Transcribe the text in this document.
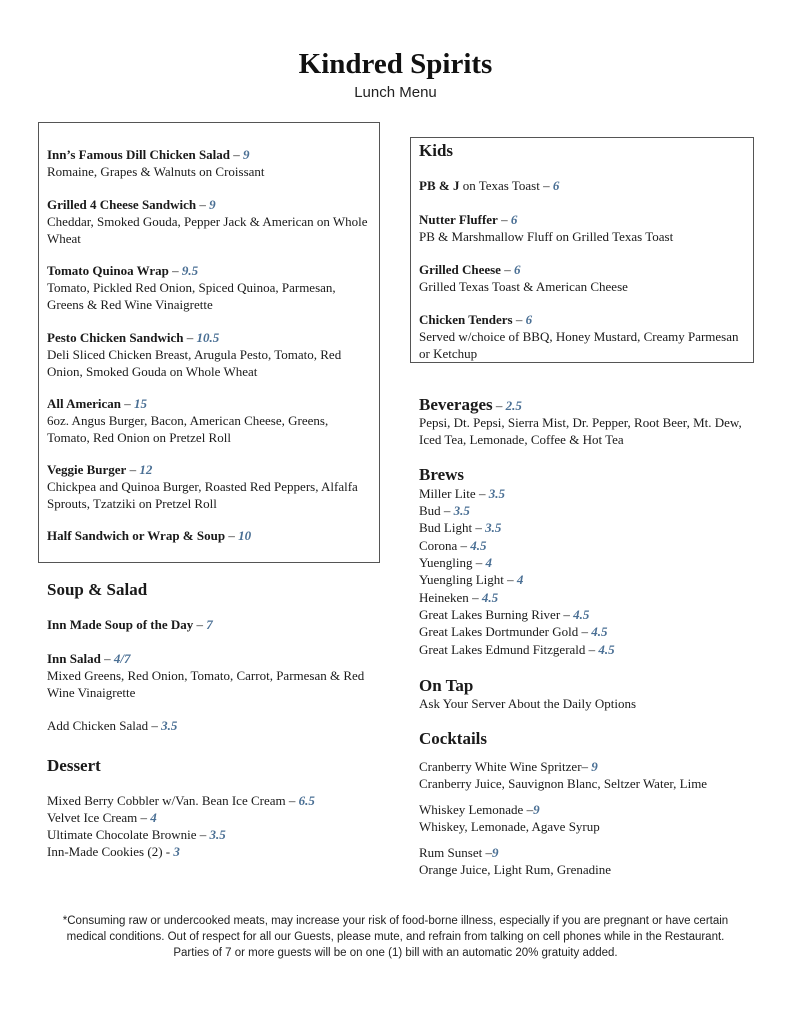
Kindred Spirits
Lunch Menu
Inn’s Famous Dill Chicken Salad – 9
Romaine, Grapes & Walnuts on Croissant
Grilled 4 Cheese Sandwich – 9
Cheddar, Smoked Gouda, Pepper Jack & American on Whole Wheat
Tomato Quinoa Wrap – 9.5
Tomato, Pickled Red Onion, Spiced Quinoa, Parmesan, Greens & Red Wine Vinaigrette
Pesto Chicken Sandwich – 10.5
Deli Sliced Chicken Breast, Arugula Pesto, Tomato, Red Onion, Smoked Gouda on Whole Wheat
All American – 15
6oz. Angus Burger, Bacon, American Cheese, Greens, Tomato, Red Onion on Pretzel Roll
Veggie Burger – 12
Chickpea and Quinoa Burger, Roasted Red Peppers, Alfalfa Sprouts, Tzatziki on Pretzel Roll
Half Sandwich or Wrap & Soup – 10
Soup & Salad
Inn Made Soup of the Day – 7
Inn Salad – 4/7
Mixed Greens, Red Onion, Tomato, Carrot, Parmesan & Red Wine Vinaigrette
Add Chicken Salad – 3.5
Dessert
Mixed Berry Cobbler w/Van. Bean Ice Cream – 6.5
Velvet Ice Cream – 4
Ultimate Chocolate Brownie – 3.5
Inn-Made Cookies (2) - 3
Kids
PB & J on Texas Toast – 6
Nutter Fluffer – 6
PB & Marshmallow Fluff on Grilled Texas Toast
Grilled Cheese – 6
Grilled Texas Toast & American Cheese
Chicken Tenders – 6
Served w/choice of BBQ, Honey Mustard, Creamy Parmesan or Ketchup
Beverages – 2.5
Pepsi, Dt. Pepsi, Sierra Mist, Dr. Pepper, Root Beer, Mt. Dew, Iced Tea, Lemonade, Coffee & Hot Tea
Brews
Miller Lite – 3.5
Bud – 3.5
Bud Light – 3.5
Corona – 4.5
Yuengling – 4
Yuengling Light – 4
Heineken – 4.5
Great Lakes Burning River – 4.5
Great Lakes Dortmunder Gold – 4.5
Great Lakes Edmund Fitzgerald – 4.5
On Tap
Ask Your Server About the Daily Options
Cocktails
Cranberry White Wine Spritzer– 9
Cranberry Juice, Sauvignon Blanc, Seltzer Water, Lime
Whiskey Lemonade –9
Whiskey, Lemonade, Agave Syrup
Rum Sunset –9
Orange Juice, Light Rum, Grenadine
*Consuming raw or undercooked meats, may increase your risk of food-borne illness, especially if you are pregnant or have certain
medical conditions. Out of respect for all our Guests, please mute, and refrain from talking on cell phones while in the Restaurant.
Parties of 7 or more guests will be on one (1) bill with an automatic 20% gratuity added.
